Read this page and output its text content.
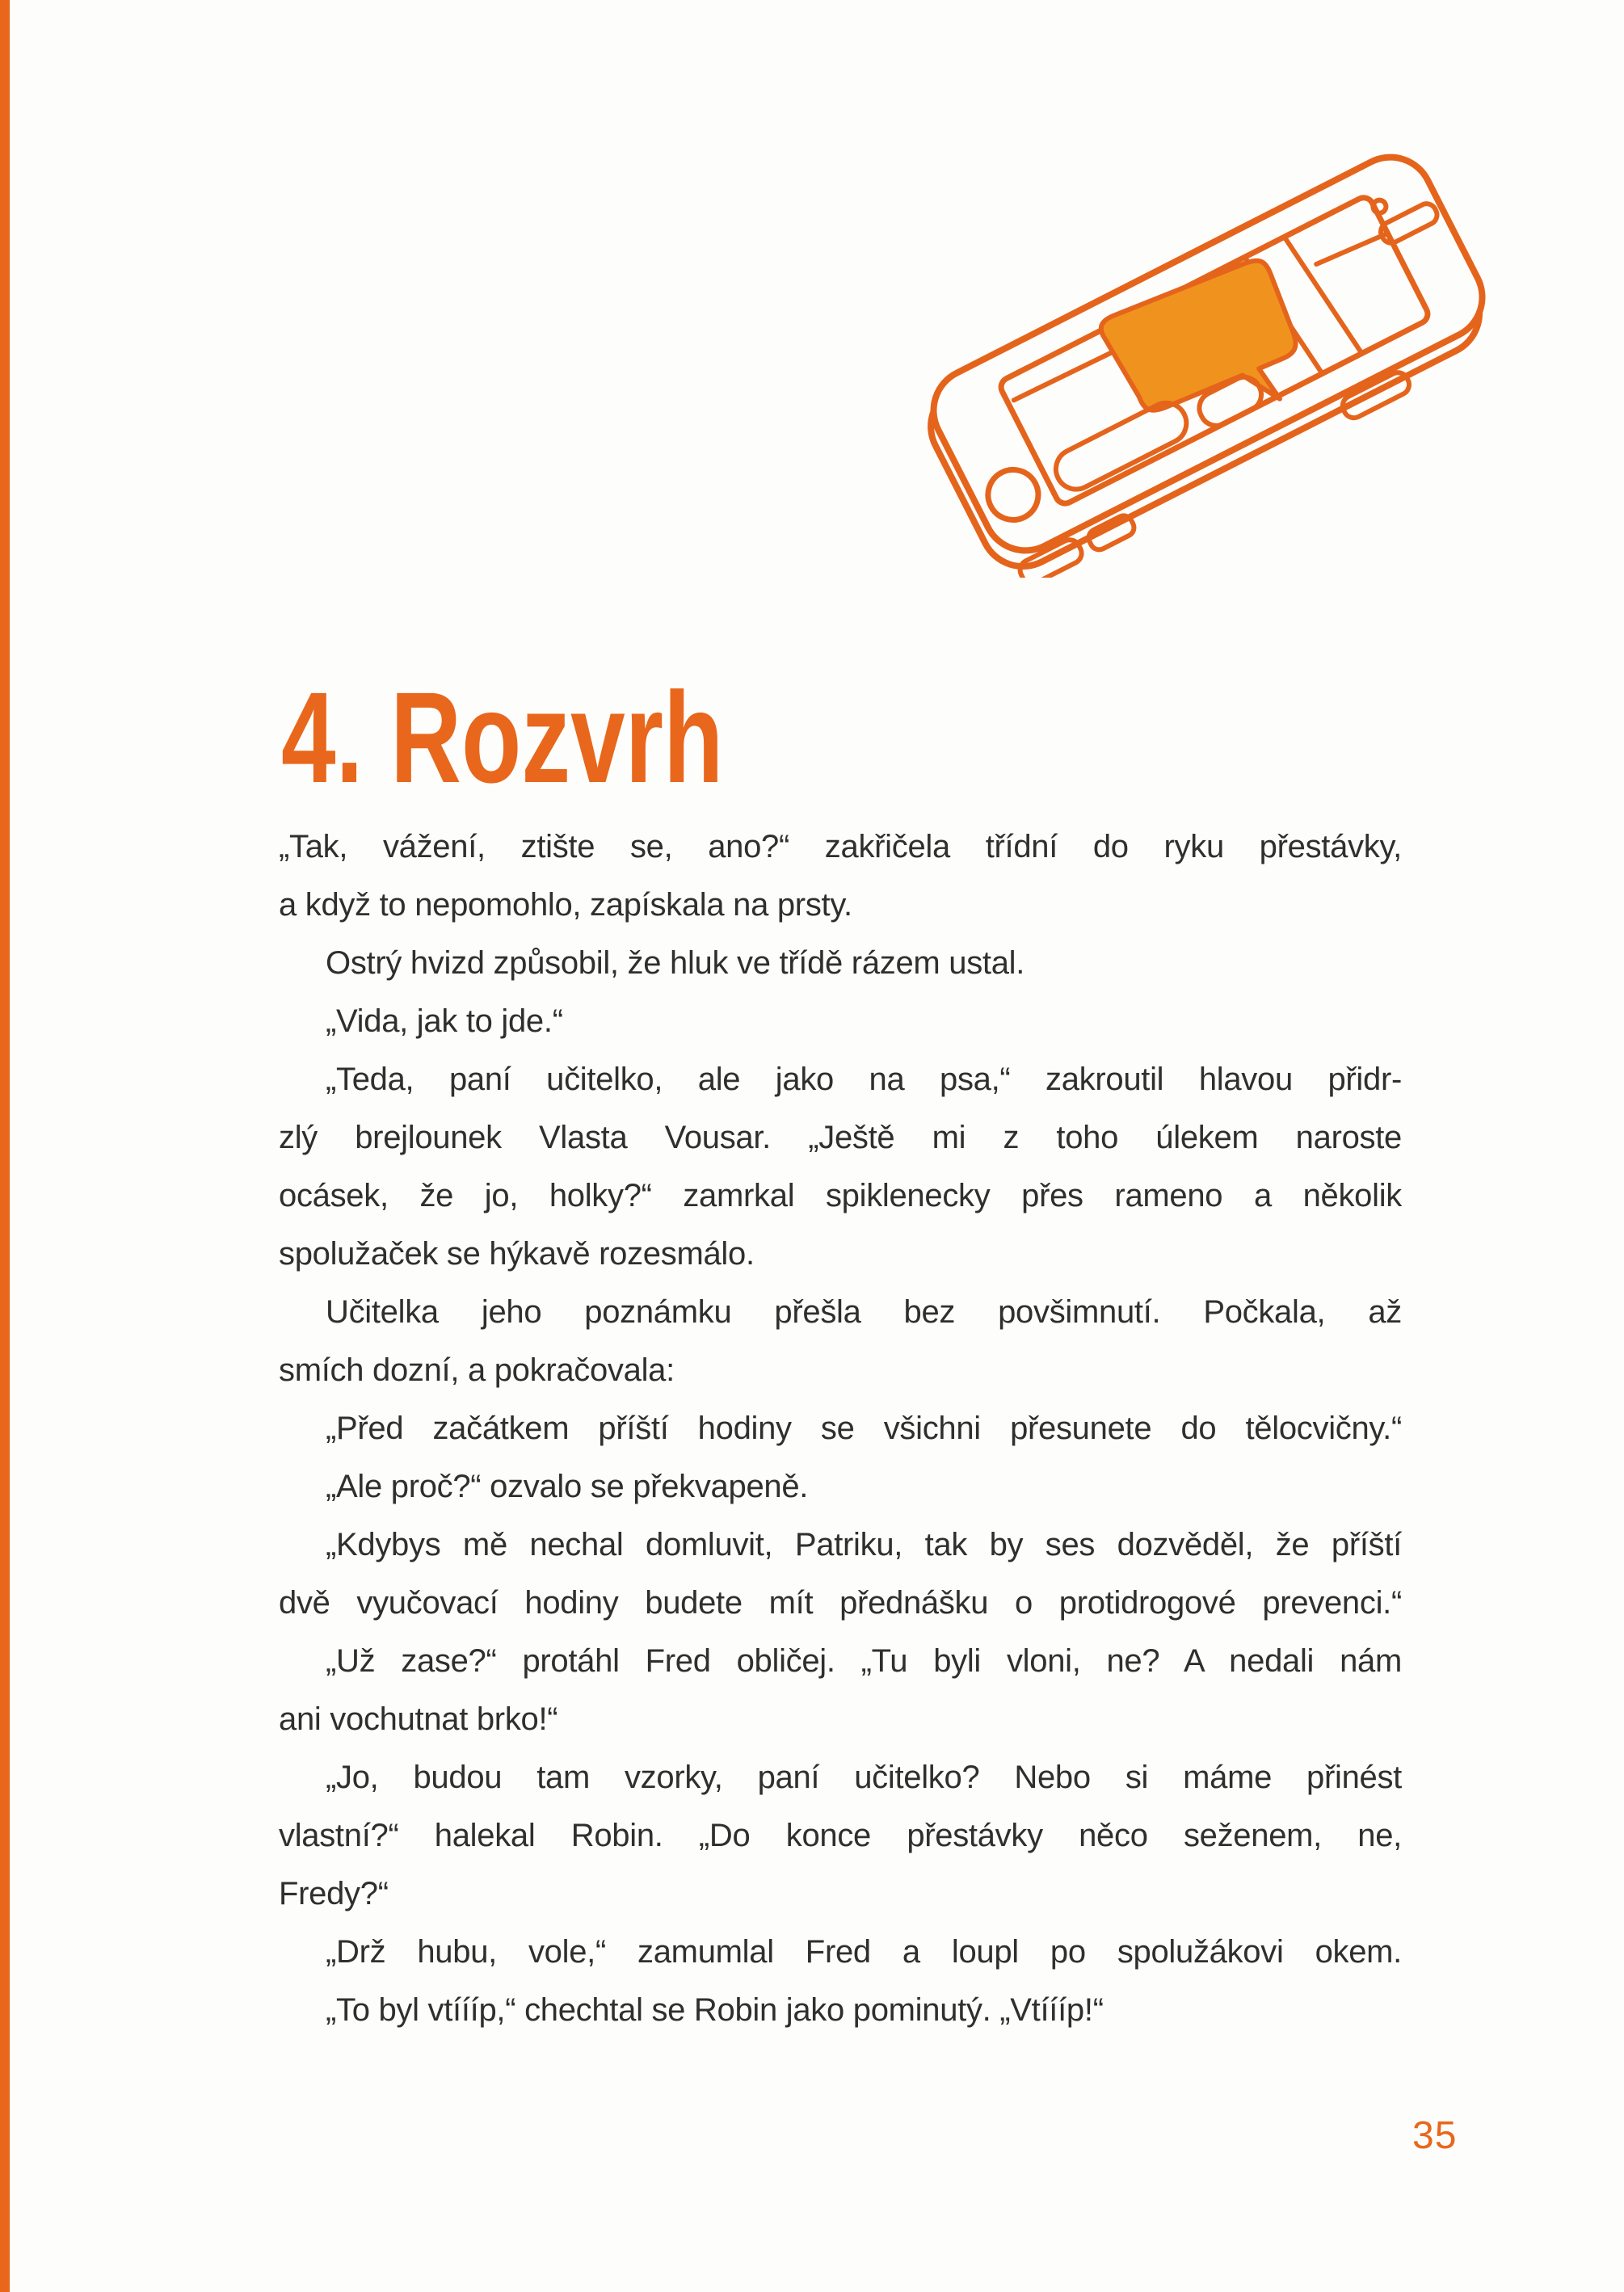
4. Rozvrh
„Tak, vážení, ztište se, ano?“ zakřičela třídní do ryku přestávky,
a když to nepomohlo, zapískala na prsty.
Ostrý hvizd způsobil, že hluk ve třídě rázem ustal.
„Vida, jak to jde.“
„Teda, paní učitelko, ale jako na psa,“ zakroutil hlavou přidr-
zlý brejlounek Vlasta Vousar. „Ještě mi z toho úlekem naroste
ocásek, že jo, holky?“ zamrkal spiklenecky přes rameno a několik
spolužaček se hýkavě rozesmálo.
Učitelka jeho poznámku přešla bez povšimnutí. Počkala, až
smích dozní, a pokračovala:
„Před začátkem příští hodiny se všichni přesunete do tělocvičny.“
„Ale proč?“ ozvalo se překvapeně.
„Kdybys mě nechal domluvit, Patriku, tak by ses dozvěděl, že příští
dvě vyučovací hodiny budete mít přednášku o protidrogové prevenci.“
„Už zase?“ protáhl Fred obličej. „Tu byli vloni, ne? A nedali nám
ani vochutnat brko!“
„Jo, budou tam vzorky, paní učitelko? Nebo si máme přinést
vlastní?“ halekal Robin. „Do konce přestávky něco seženem, ne,
Fredy?“
„Drž hubu, vole,“ zamumlal Fred a loupl po spolužákovi okem.
„To byl vtíííp,“ chechtal se Robin jako pominutý. „Vtíííp!“
35
